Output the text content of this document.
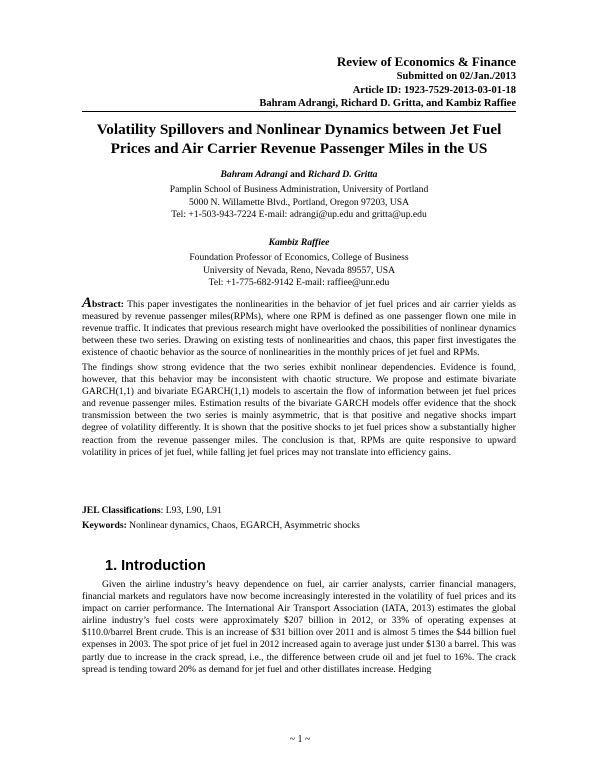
Review of Economics & Finance
Submitted on 02/Jan./2013
Article ID: 1923-7529-2013-03-01-18
Bahram Adrangi, Richard D. Gritta, and Kambiz Raffiee
Volatility Spillovers and Nonlinear Dynamics between Jet Fuel Prices and Air Carrier Revenue Passenger Miles in the US
Bahram Adrangi and Richard D. Gritta
Pamplin School of Business Administration, University of Portland
5000 N. Willamette Blvd., Portland, Oregon 97203, USA
Tel: +1-503-943-7224 E-mail: adrangi@up.edu and gritta@up.edu
Kambiz Raffiee
Foundation Professor of Economics, College of Business
University of Nevada, Reno, Nevada 89557, USA
Tel: +1-775-682-9142 E-mail: raffiee@unr.edu
Abstract: This paper investigates the nonlinearities in the behavior of jet fuel prices and air carrier yields as measured by revenue passenger miles(RPMs), where one RPM is defined as one passenger flown one mile in revenue traffic. It indicates that previous research might have overlooked the possibilities of nonlinear dynamics between these two series. Drawing on existing tests of nonlinearities and chaos, this paper first investigates the existence of chaotic behavior as the source of nonlinearities in the monthly prices of jet fuel and RPMs.
The findings show strong evidence that the two series exhibit nonlinear dependencies. Evidence is found, however, that this behavior may be inconsistent with chaotic structure. We propose and estimate bivariate GARCH(1,1) and bivariate EGARCH(1,1) models to ascertain the flow of information between jet fuel prices and revenue passenger miles. Estimation results of the bivariate GARCH models offer evidence that the shock transmission between the two series is mainly asymmetric, that is that positive and negative shocks impart degree of volatility differently. It is shown that the positive shocks to jet fuel prices show a substantially higher reaction from the revenue passenger miles. The conclusion is that, RPMs are quite responsive to upward volatility in prices of jet fuel, while falling jet fuel prices may not translate into efficiency gains.
JEL Classifications: L93, L90, L91
Keywords: Nonlinear dynamics, Chaos, EGARCH, Asymmetric shocks
1. Introduction
Given the airline industry’s heavy dependence on fuel, air carrier analysts, carrier financial managers, financial markets and regulators have now become increasingly interested in the volatility of fuel prices and its impact on carrier performance. The International Air Transport Association (IATA, 2013) estimates the global airline industry’s fuel costs were approximately $207 billion in 2012, or 33% of operating expenses at $110.0/barrel Brent crude. This is an increase of $31 billion over 2011 and is almost 5 times the $44 billion fuel expenses in 2003. The spot price of jet fuel in 2012 increased again to average just under $130 a barrel. This was partly due to increase in the crack spread, i.e., the difference between crude oil and jet fuel to 16%. The crack spread is tending toward 20% as demand for jet fuel and other distillates increase. Hedging
~ 1 ~
